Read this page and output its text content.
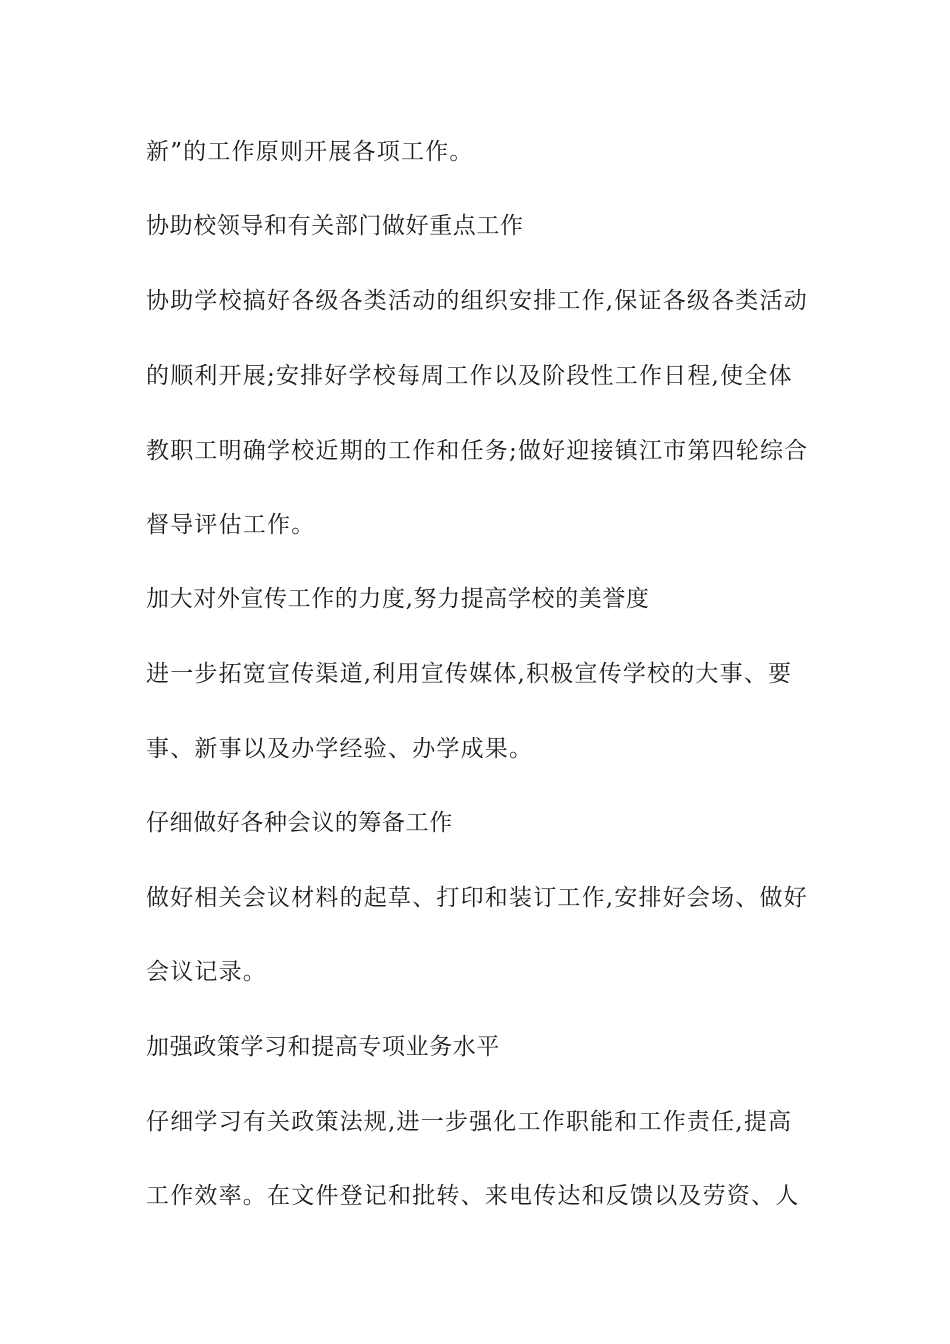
新”的工作原则开展各项工作。
协助校领导和有关部门做好重点工作
协助学校搞好各级各类活动的组织安排工作,保证各级各类活动
的顺利开展;安排好学校每周工作以及阶段性工作日程,使全体
教职工明确学校近期的工作和任务;做好迎接镇江市第四轮综合
督导评估工作。
加大对外宣传工作的力度,努力提高学校的美誉度
进一步拓宽宣传渠道,利用宣传媒体,积极宣传学校的大事、要
事、新事以及办学经验、办学成果。
仔细做好各种会议的筹备工作
做好相关会议材料的起草、打印和装订工作,安排好会场、做好
会议记录。
加强政策学习和提高专项业务水平
仔细学习有关政策法规,进一步强化工作职能和工作责任,提高
工作效率。在文件登记和批转、来电传达和反馈以及劳资、人
